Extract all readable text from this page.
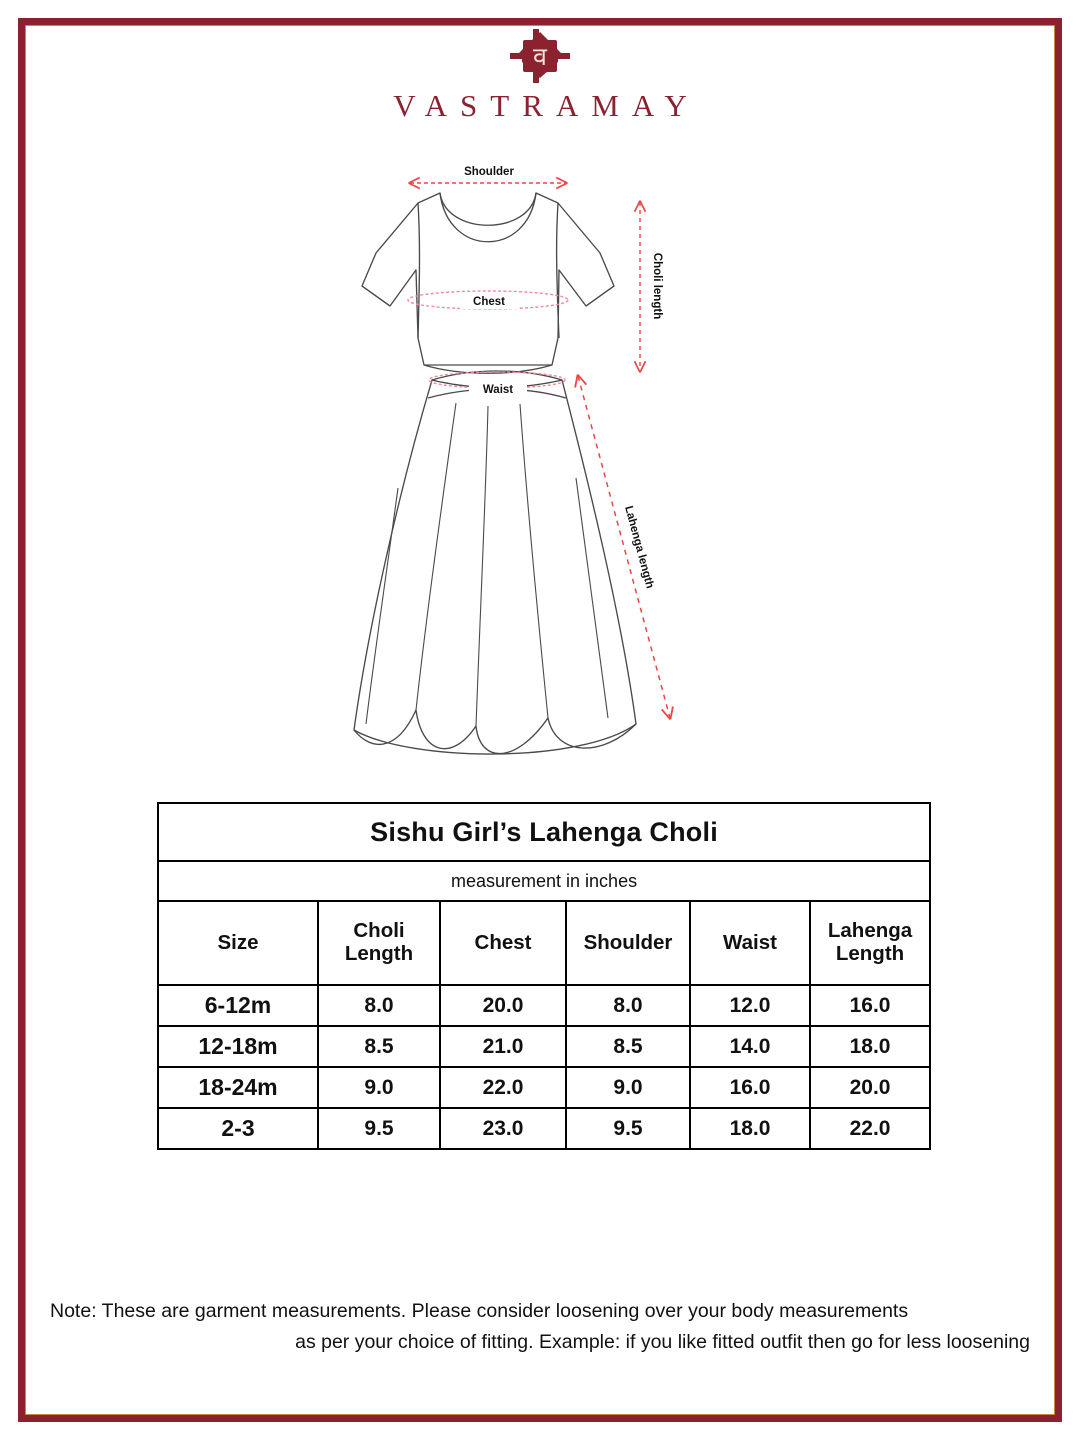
व
VASTRAMAY
Shoulder
Chest	Choli length
Waist
Lahenga length
Sishu Girl’s Lahenga Choli					
measurement in inches					
Size	Choli Length	Chest	Shoulder	Waist	Lahenga Length
6-12m	8.0	20.0	8.0	12.0	16.0
12-18m	8.5	21.0	8.5	14.0	18.0
18-24m	9.0	22.0	9.0	16.0	20.0
2-3	9.5	23.0	9.5	18.0	22.0
Note: These are garment measurements. Please consider loosening over your body measurements
as per your choice of fitting. Example: if you like fitted outfit then go for less loosening
